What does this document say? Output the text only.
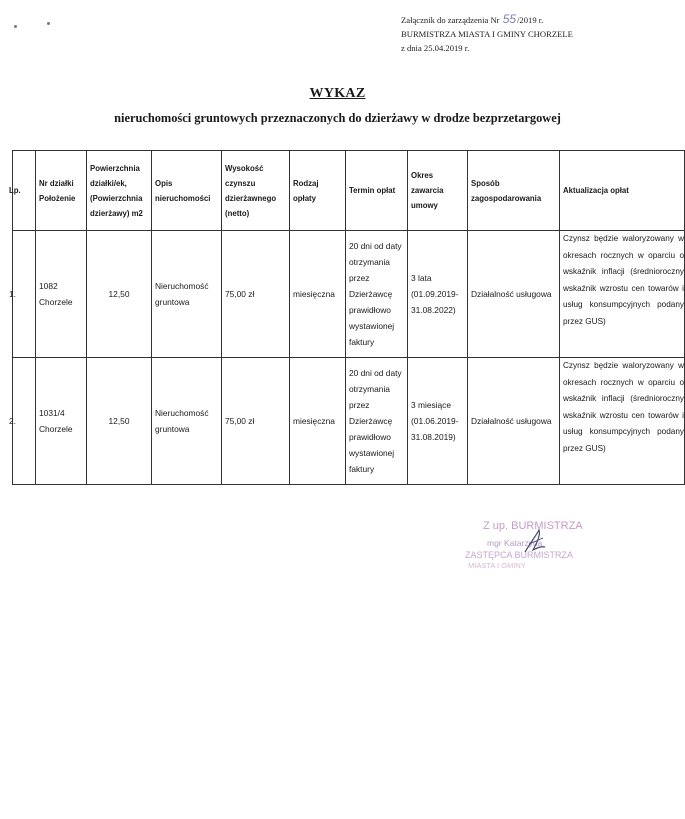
Załącznik do zarządzenia Nr 55/2019 r.
BURMISTRZA MIASTA I GMINY CHORZELE
z dnia 25.04.2019 r.
WYKAZ
nieruchomości gruntowych przeznaczonych do dzierżawy w drodze bezprzetargowej
Lp.	Nr działki Położenie	Powierzchnia działki/ek, (Powierzchnia dzierżawy) m2	Opis nieruchomości	Wysokość czynszu dzierżawnego (netto)	Rodzaj opłaty	Termin opłat	Okres zawarcia umowy	Sposób zagospodarowania	Aktualizacja opłat

1.	1082 Chorzele	12,50	Nieruchomość gruntowa	75,00 zł	miesięczna	20 dni od daty otrzymania przez Dzierżawcę prawidłowo wystawionej faktury	3 lata (01.09.2019-31.08.2022)	Działalność usługowa	Czynsz będzie waloryzowany w okresach rocznych w oparciu o wskaźnik inflacji (średnioroczny wskaźnik wzrostu cen towarów i usług konsumpcyjnych podany przez GUS)

2.	1031/4 Chorzele	12,50	Nieruchomość gruntowa	75,00 zł	miesięczna	20 dni od daty otrzymania przez Dzierżawcę prawidłowo wystawionej faktury	3 miesiące (01.06.2019-31.08.2019)	Działalność usługowa	Czynsz będzie waloryzowany w okresach rocznych w oparciu o wskaźnik inflacji (średnioroczny wskaźnik wzrostu cen towarów i usług konsumpcyjnych podany przez GUS)
Z up. BURMISTRZA
mgr Katarzyna
ZASTĘPCA BURMISTRZA
MIASTA I GMINY
